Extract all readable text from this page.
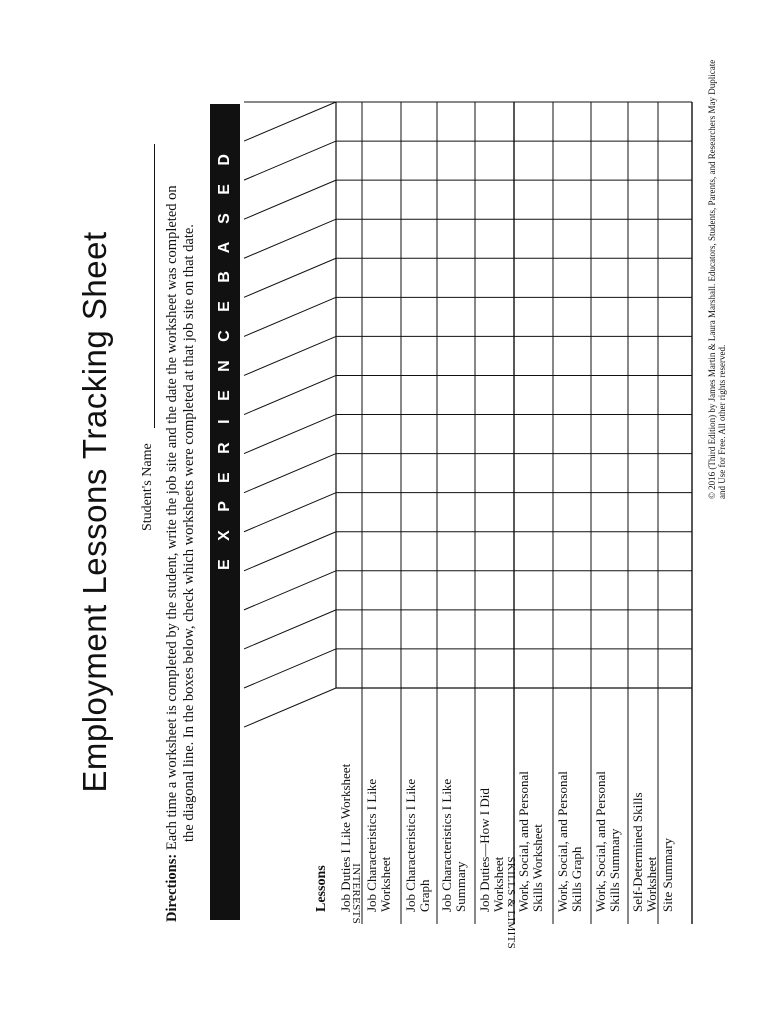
Employment Lessons Tracking Sheet Student's Name
Directions: Each time a worksheet is completed by the student, write the job site and the date the worksheet was completed on the diagonal line. In the boxes below, check which worksheets were completed at that job site on that date.	E X P E R I E N C E B A S E D
Lessons Job Duties I Like Worksheet Job Characteristics I Like
Worksheet Job Characteristics I Like
Graph Job Characteristics I Like
Summary Job Duties—How I Did
Worksheet Work, Social, and Personal
Skills Worksheet
Work, Social, and Personal
Skills Graph
Work, Social, and Personal
Skills Summary Self-Determined Skills
Worksheet Site Summary
INTERESTS	SKILLS & LIMITS
© 2016 (Third Edition) by James Martin & Laura Marshall. Educators, Students, Parents, and Researchers May Duplicate and Use for Free. All other rights reserved.
